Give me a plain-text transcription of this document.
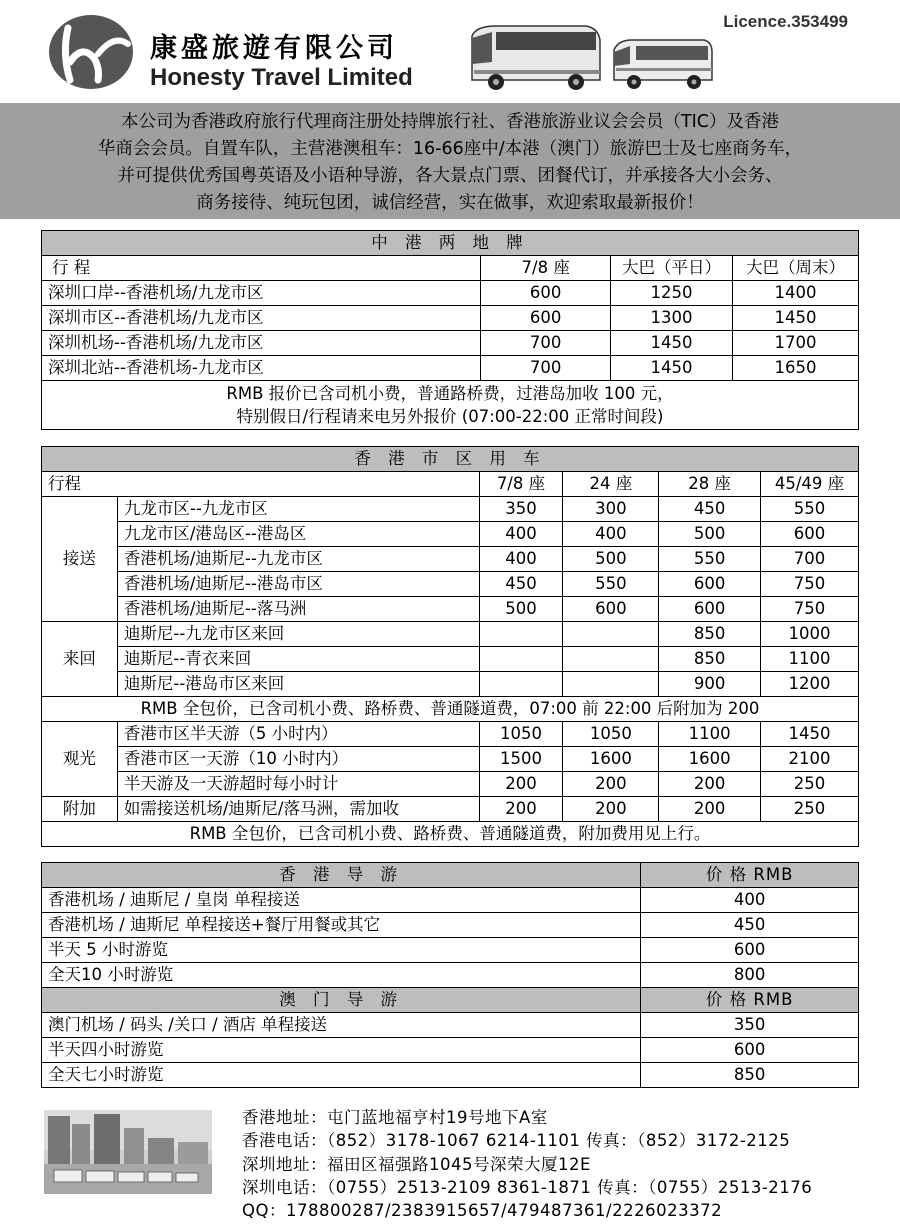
康盛旅遊有限公司
Honesty Travel Limited
Licence.353499
本公司为香港政府旅行代理商注册处持牌旅行社、香港旅游业议会会员（TIC）及香港
华商会会员。自置车队，主营港澳租车：16-66座中/本港（澳门）旅游巴士及七座商务车，
并可提供优秀国粤英语及小语种导游，各大景点门票、团餐代订，并承接各大小会务、
商务接待、纯玩包团，诚信经营，实在做事，欢迎索取最新报价！
中 港 两 地 牌			
行 程	7/8 座	大巴（平日）	大巴（周末）
深圳口岸--香港机场/九龙市区	600	1250	1400
深圳市区--香港机场/九龙市区	600	1300	1450
深圳机场--香港机场/九龙市区	700	1450	1700
深圳北站--香港机场-九龙市区	700	1450	1650

RMB 报价已含司机小费，普通路桥费，过港岛加收 100 元，
特别假日/行程请来电另外报价 (07:00-22:00 正常时间段)			
香 港 市 区 用 车					
行程		7/8 座	24 座	28 座	45/49 座
接送	九龙市区--九龙市区	350	300	450	550
	九龙市区/港岛区--港岛区	400	400	500	600
	香港机场/迪斯尼--九龙市区	400	500	550	700
	香港机场/迪斯尼--港岛市区	450	550	600	750
	香港机场/迪斯尼--落马洲	500	600	600	750
来回	迪斯尼--九龙市区来回			850	1000
	迪斯尼--青衣来回			850	1100
	迪斯尼--港岛市区来回			900	1200
RMB 全包价，已含司机小费、路桥费、普通隧道费，07:00 前 22:00 后附加为 200					
观光	香港市区半天游（5 小时内）	1050	1050	1100	1450
	香港市区一天游（10 小时内）	1500	1600	1600	2100
	半天游及一天游超时每小时计	200	200	200	250
附加	如需接送机场/迪斯尼/落马洲，需加收	200	200	200	250
RMB 全包价，已含司机小费、路桥费、普通隧道费，附加费用见上行。					
香 港 导 游	价 格 RMB
香港机场 / 迪斯尼 / 皇岗 单程接送	400
香港机场 / 迪斯尼 单程接送+餐厅用餐或其它	450
半天 5 小时游览	600
全天10 小时游览	800
澳 门 导 游	价 格 RMB
澳门机场 / 码头 /关口 / 酒店 单程接送	350
半天四小时游览	600
全天七小时游览	850
香港地址：屯门蓝地福亨村19号地下A室
香港电话：（852）3178-1067 6214-1101 传真：（852）3172-2125
深圳地址：福田区福强路1045号深荣大厦12E
深圳电话：（0755）2513-2109 8361-1871 传真：（0755）2513-2176
QQ：178800287/2383915657/479487361/2226023372
